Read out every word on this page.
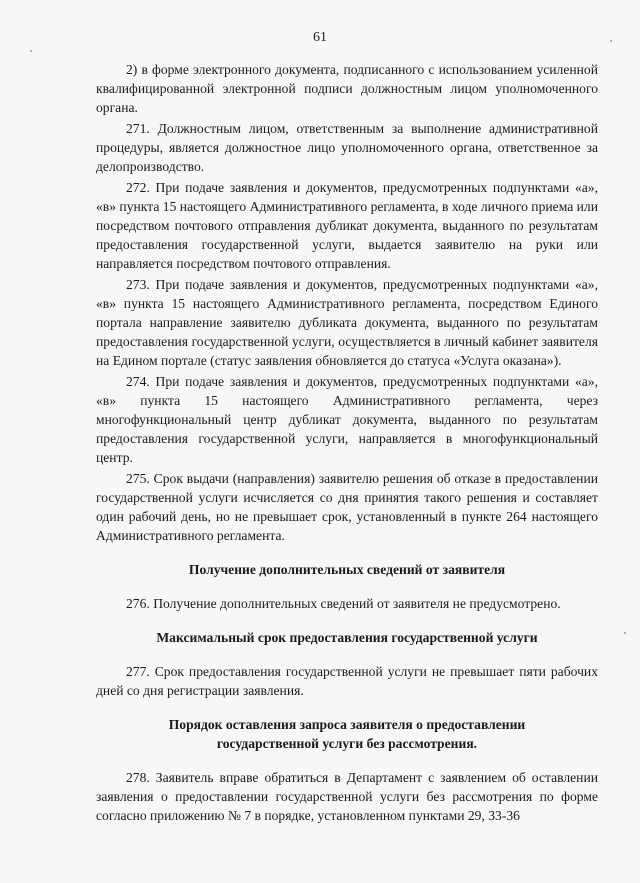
61

2) в форме электронного документа, подписанного с использованием усиленной квалифицированной электронной подписи должностным лицом уполномоченного органа.

271. Должностным лицом, ответственным за выполнение административной процедуры, является должностное лицо уполномоченного органа, ответственное за делопроизводство.

272. При подаче заявления и документов, предусмотренных подпунктами «а», «в» пункта 15 настоящего Административного регламента, в ходе личного приема или посредством почтового отправления дубликат документа, выданного по результатам предоставления государственной услуги, выдается заявителю на руки или направляется посредством почтового отправления.

273. При подаче заявления и документов, предусмотренных подпунктами «а», «в» пункта 15 настоящего Административного регламента, посредством Единого портала направление заявителю дубликата документа, выданного по результатам предоставления государственной услуги, осуществляется в личный кабинет заявителя на Едином портале (статус заявления обновляется до статуса «Услуга оказана»).

274. При подаче заявления и документов, предусмотренных подпунктами «а», «в» пункта 15 настоящего Административного регламента, через многофункциональный центр дубликат документа, выданного по результатам предоставления государственной услуги, направляется в многофункциональный центр.

275. Срок выдачи (направления) заявителю решения об отказе в предоставлении государственной услуги исчисляется со дня принятия такого решения и составляет один рабочий день, но не превышает срок, установленный в пункте 264 настоящего Административного регламента.

Получение дополнительных сведений от заявителя

276. Получение дополнительных сведений от заявителя не предусмотрено.

Максимальный срок предоставления государственной услуги

277. Срок предоставления государственной услуги не превышает пяти рабочих дней со дня регистрации заявления.

Порядок оставления запроса заявителя о предоставлении
государственной услуги без рассмотрения.

278. Заявитель вправе обратиться в Департамент с заявлением об оставлении заявления о предоставлении государственной услуги без рассмотрения по форме согласно приложению № 7 в порядке, установленном пунктами 29, 33-36
